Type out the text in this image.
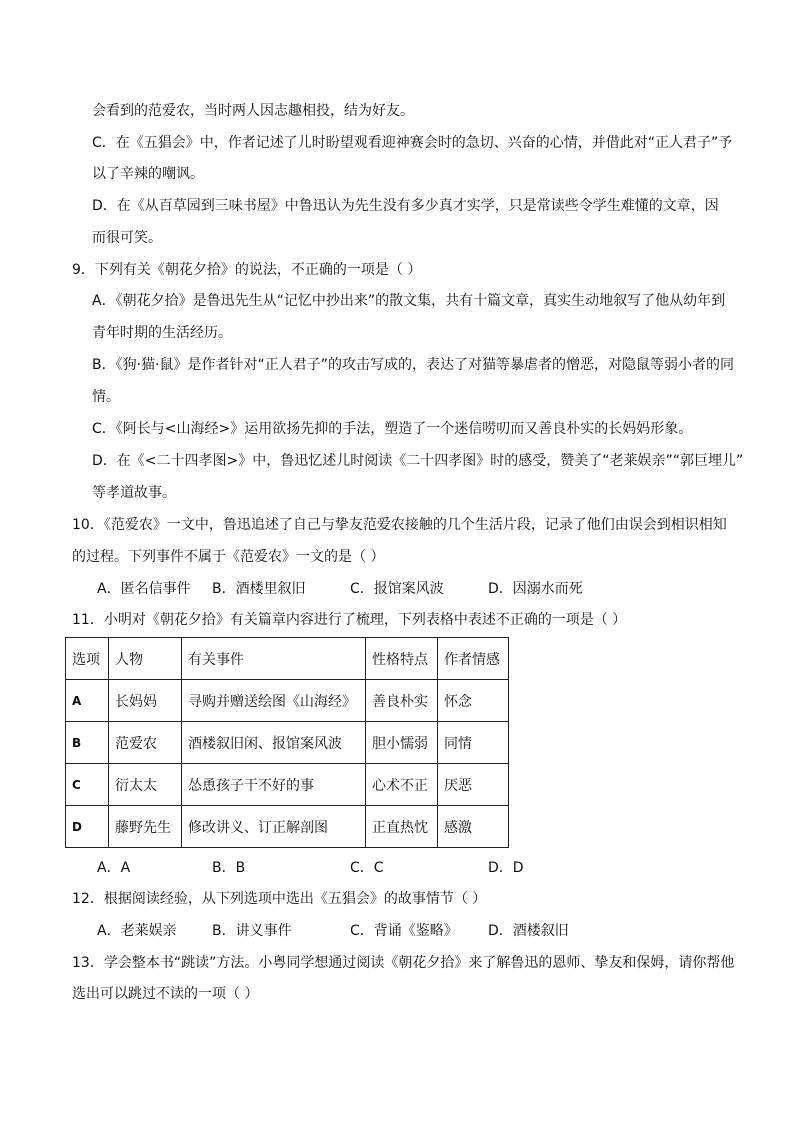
会看到的范爱农，当时两人因志趣相投，结为好友。
C．在《五猖会》中，作者记述了儿时盼望观看迎神赛会时的急切、兴奋的心情，并借此对“正人君子”予
以了辛辣的嘲讽。
D．在《从百草园到三味书屋》中鲁迅认为先生没有多少真才实学，只是常读些令学生难懂的文章，因
而很可笑。
9．下列有关《朝花夕拾》的说法，不正确的一项是（ ）
A．《朝花夕拾》是鲁迅先生从“记忆中抄出来”的散文集，共有十篇文章，真实生动地叙写了他从幼年到
青年时期的生活经历。
B．《狗·猫·鼠》是作者针对“正人君子”的攻击写成的，表达了对猫等暴虐者的憎恶，对隐鼠等弱小者的同
情。
C．《阿长与<山海经>》运用欲扬先抑的手法，塑造了一个迷信唠叨而又善良朴实的长妈妈形象。
D．在《<二十四孝图>》中，鲁迅忆述儿时阅读《二十四孝图》时的感受，赞美了“老莱娱亲”“郭巨埋儿”
等孝道故事。
10．《范爱农》一文中，鲁迅追述了自己与挚友范爱农接触的几个生活片段，记录了他们由误会到相识相知
的过程。下列事件不属于《范爱农》一文的是（ ）
A．匿名信事件 B．酒楼里叙旧	C．报馆案风波	D．因溺水而死
11．小明对《朝花夕拾》有关篇章内容进行了梳理，下列表格中表述不正确的一项是（ ）
选项	人物	有关事件	性格特点	作者情感
A	长妈妈	寻购并赠送绘图《山海经》	善良朴实	怀念
B	范爱农	酒楼叙旧闲、报馆案风波	胆小懦弱	同情
C	衍太太	怂恿孩子干不好的事	心术不正	厌恶
D	藤野先生	修改讲义、订正解剖图	正直热忱	感激
A．A	B．B	C．C	D．D
12．根据阅读经验，从下列选项中选出《五猖会》的故事情节（ ）
A．老莱娱亲	B．讲义事件	C．背诵《鉴略》 D．酒楼叙旧
13．学会整本书“跳读”方法。小粤同学想通过阅读《朝花夕拾》来了解鲁迅的恩师、挚友和保姆，请你帮他
选出可以跳过不读的一项（ ）
